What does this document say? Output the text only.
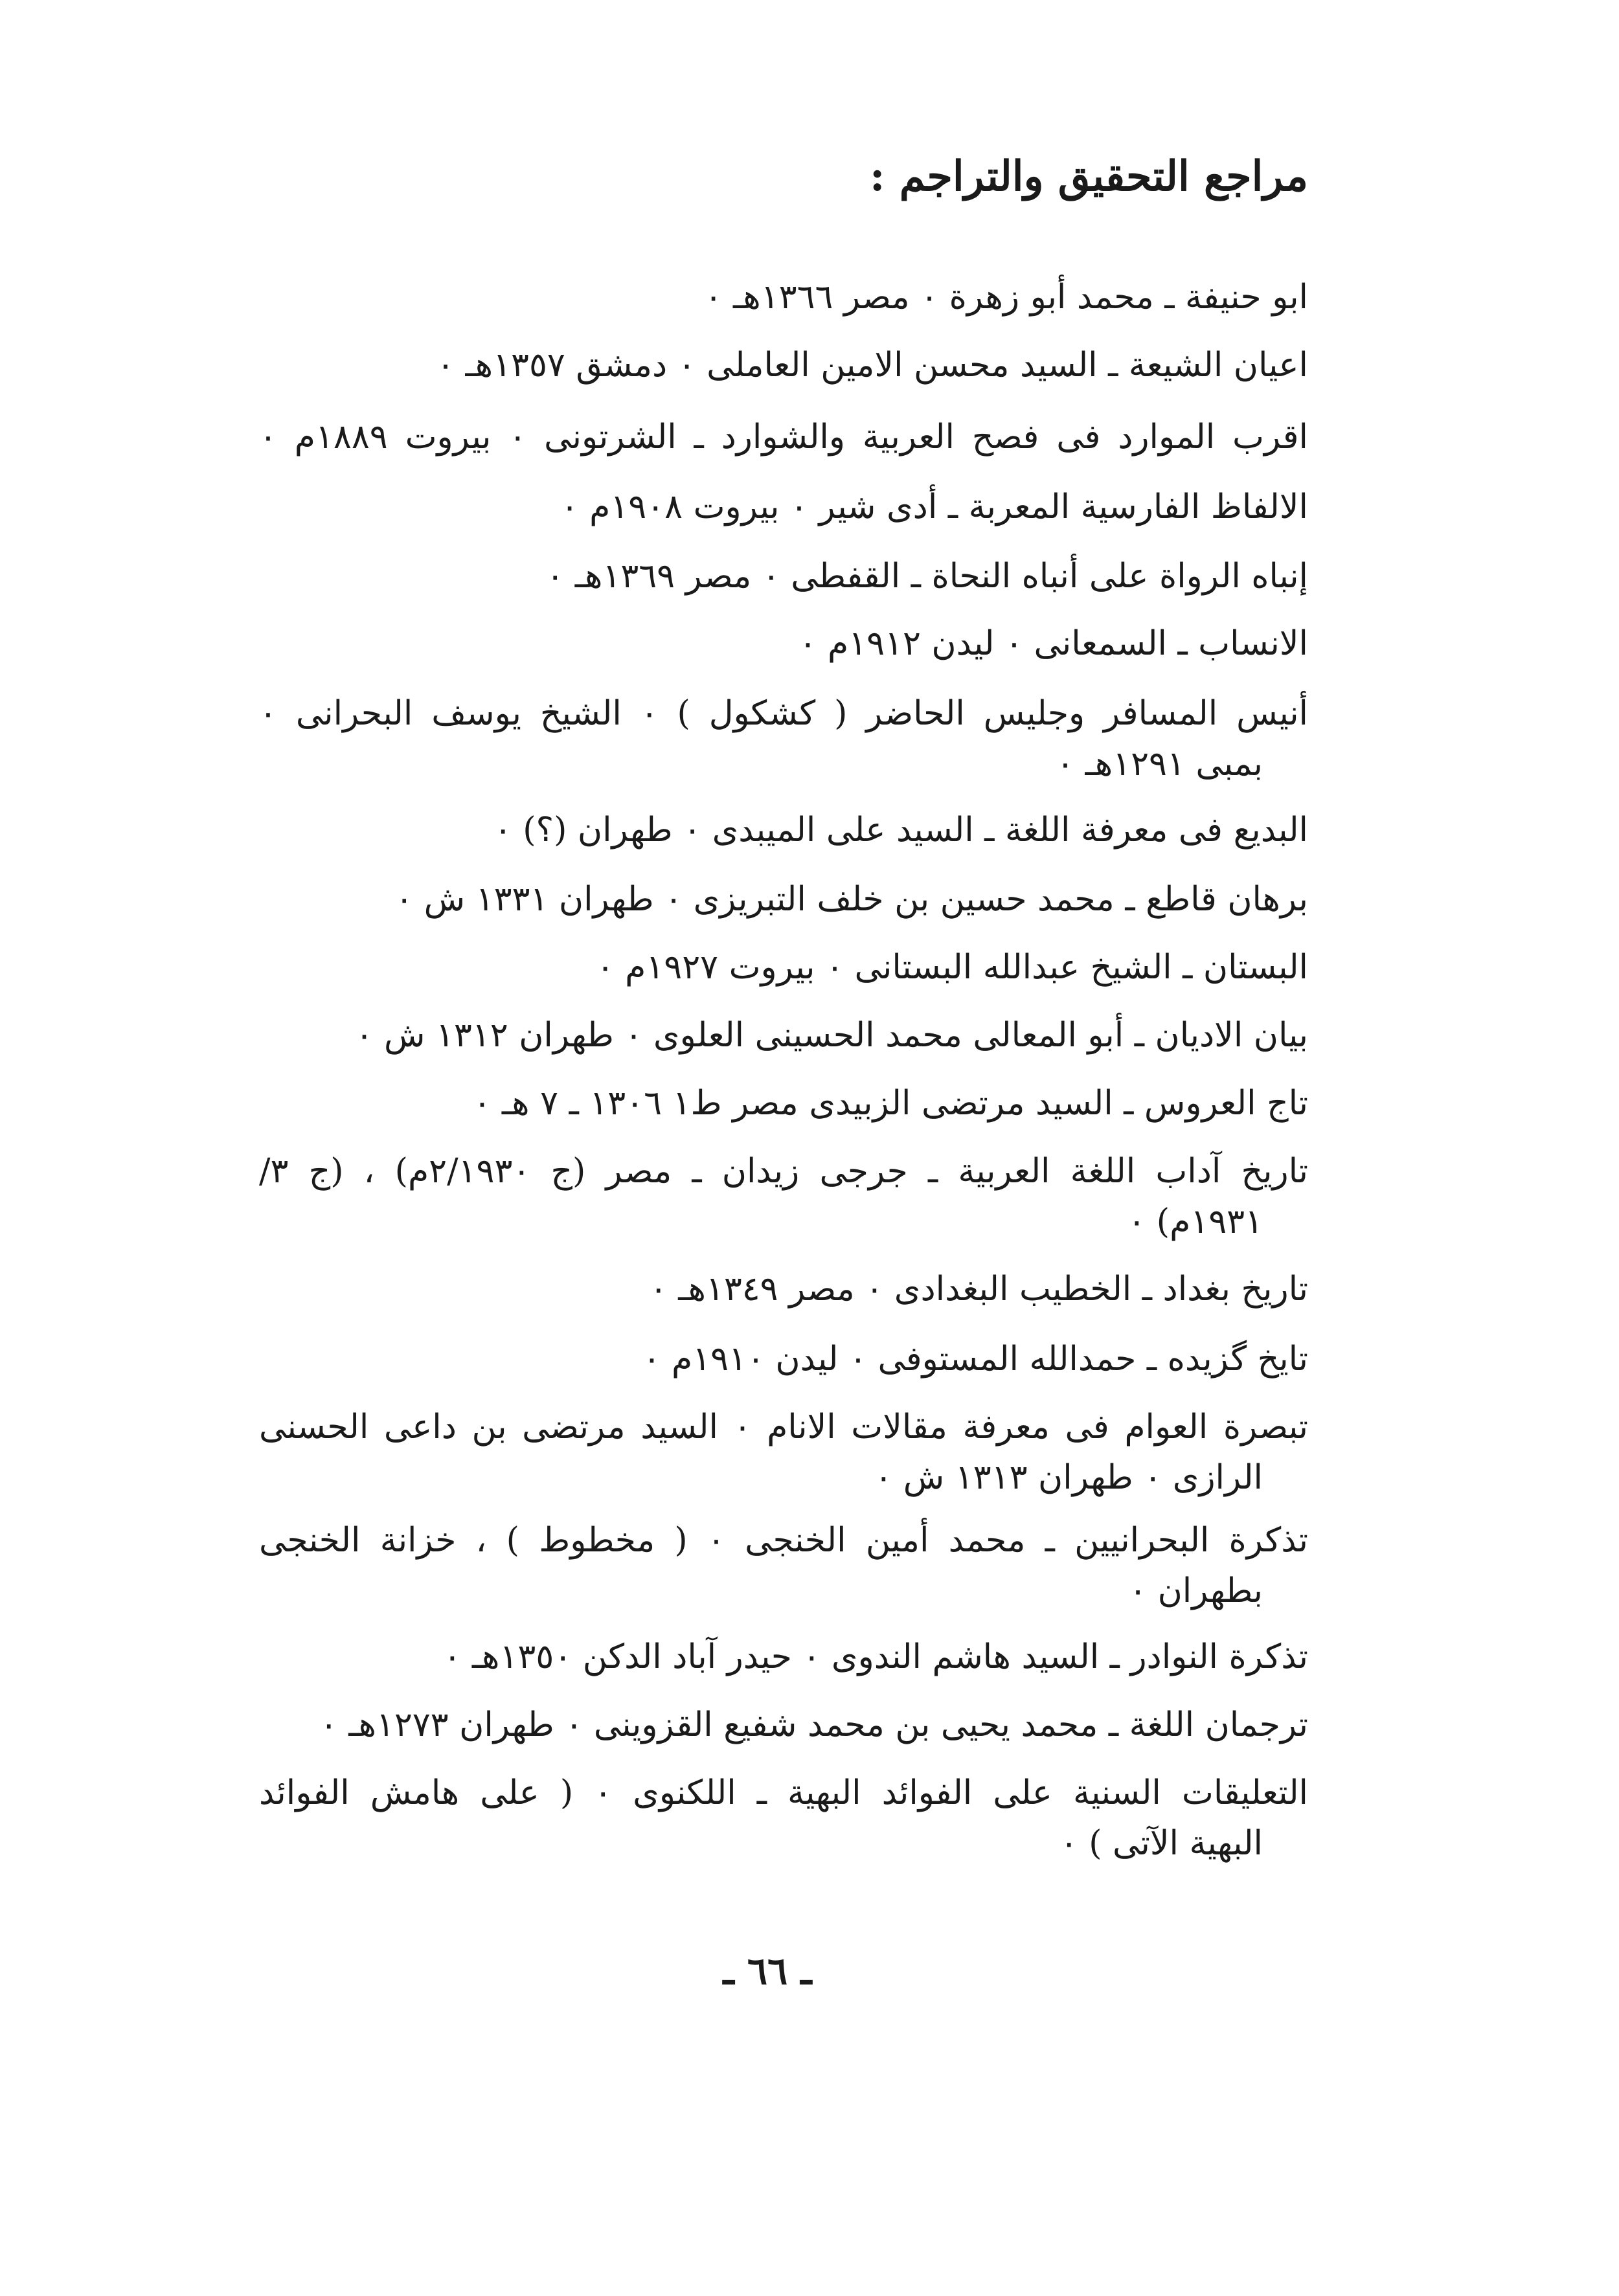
مراجع التحقيق والتراجم :
ابو حنيفة ـ محمد أبو زهرة ٠ مصر ١٣٦٦هـ ٠
اعيان الشيعة ـ السيد محسن الامين العاملى ٠ دمشق ١٣٥٧هـ ٠
اقرب الموارد فى فصح العربية والشوارد ـ الشرتونى ٠ بيروت ١٨٨٩م ٠
الالفاظ الفارسية المعربة ـ أدى شير ٠ بيروت ١٩٠٨م ٠
إنباه الرواة على أنباه النحاة ـ القفطى ٠ مصر ١٣٦٩هـ ٠
الانساب ـ السمعانى ٠ ليدن ١٩١٢م ٠
أنيس المسافر وجليس الحاضر ( كشكول ) ٠ الشيخ يوسف البحرانى ٠
بمبى ١٢٩١هـ ٠
البديع فى معرفة اللغة ـ السيد على الميبدى ٠ طهران (؟) ٠
برهان قاطع ـ محمد حسين بن خلف التبريزى ٠ طهران ١٣٣١ ش ٠
البستان ـ الشيخ عبدالله البستانى ٠ بيروت ١٩٢٧م ٠
بيان الاديان ـ أبو المعالى محمد الحسينى العلوى ٠ طهران ١٣١٢ ش ٠
تاج العروس ـ السيد مرتضى الزبيدى مصر ط١ ١٣٠٦ ـ ٧ هـ ٠
تاريخ آداب اللغة العربية ـ جرجى زيدان ـ مصر (ج ٢/١٩٣٠م) ، (ج ٣/
١٩٣١م) ٠
تاريخ بغداد ـ الخطيب البغدادى ٠ مصر ١٣٤٩هـ ٠
تايخ گزيده ـ حمدالله المستوفى ٠ ليدن ١٩١٠م ٠
تبصرة العوام فى معرفة مقالات الانام ٠ السيد مرتضى بن داعى الحسنى
الرازى ٠ طهران ١٣١٣ ش ٠
تذكرة البحرانيين ـ محمد أمين الخنجى ٠ ( مخطوط ) ، خزانة الخنجى
بطهران ٠
تذكرة النوادر ـ السيد هاشم الندوى ٠ حيدر آباد الدكن ١٣٥٠هـ ٠
ترجمان اللغة ـ محمد يحيى بن محمد شفيع القزوينى ٠ طهران ١٢٧٣هـ ٠
التعليقات السنية على الفوائد البهية ـ اللكنوى ٠ ( على هامش الفوائد
البهية الآتى ) ٠
ـ ٦٦ ـ
